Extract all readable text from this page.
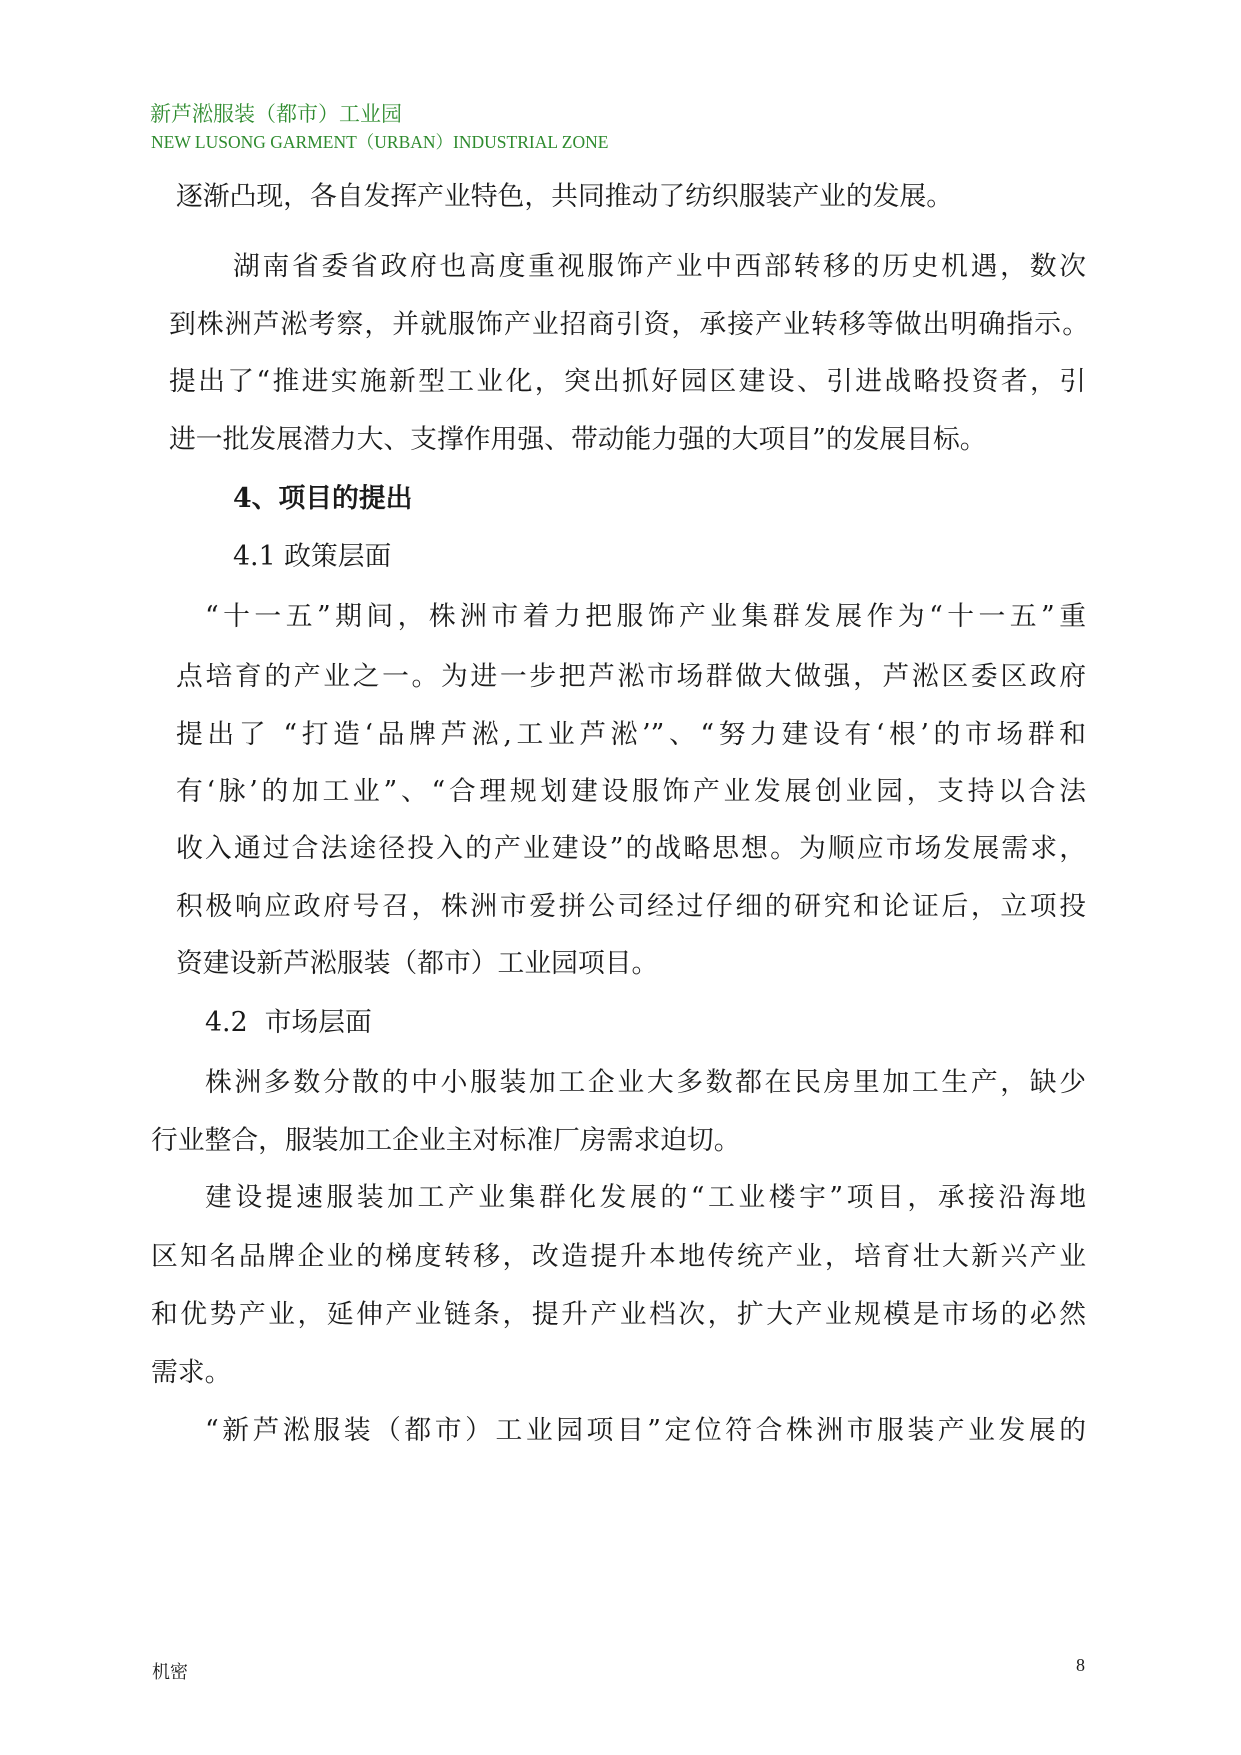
新芦淞服装（都市）工业园
NEW LUSONG GARMENT（URBAN）INDUSTRIAL ZONE
逐渐凸现，各自发挥产业特色，共同推动了纺织服装产业的发展。
湖南省委省政府也高度重视服饰产业中西部转移的历史机遇，数次
到株洲芦淞考察，并就服饰产业招商引资，承接产业转移等做出明确指示。
提出了“推进实施新型工业化，突出抓好园区建设、引进战略投资者，引
进一批发展潜力大、支撑作用强、带动能力强的大项目”的发展目标。
4、项目的提出
4.1 政策层面
“十一五”期间，株洲市着力把服饰产业集群发展作为“十一五”重
点培育的产业之一。为进一步把芦淞市场群做大做强，芦淞区委区政府
提出了 “打造‘品牌芦淞,工业芦淞’”、“努力建设有‘根’的市场群和
有‘脉’的加工业”、“合理规划建设服饰产业发展创业园，支持以合法
收入通过合法途径投入的产业建设”的战略思想。为顺应市场发展需求，
积极响应政府号召，株洲市爱拼公司经过仔细的研究和论证后，立项投
资建设新芦淞服装（都市）工业园项目。
4.2  市场层面
株洲多数分散的中小服装加工企业大多数都在民房里加工生产，缺少
行业整合，服装加工企业主对标准厂房需求迫切。
建设提速服装加工产业集群化发展的“工业楼宇”项目，承接沿海地
区知名品牌企业的梯度转移，改造提升本地传统产业，培育壮大新兴产业
和优势产业，延伸产业链条，提升产业档次，扩大产业规模是市场的必然
需求。
“新芦淞服装（都市）工业园项目”定位符合株洲市服装产业发展的
机密	8
